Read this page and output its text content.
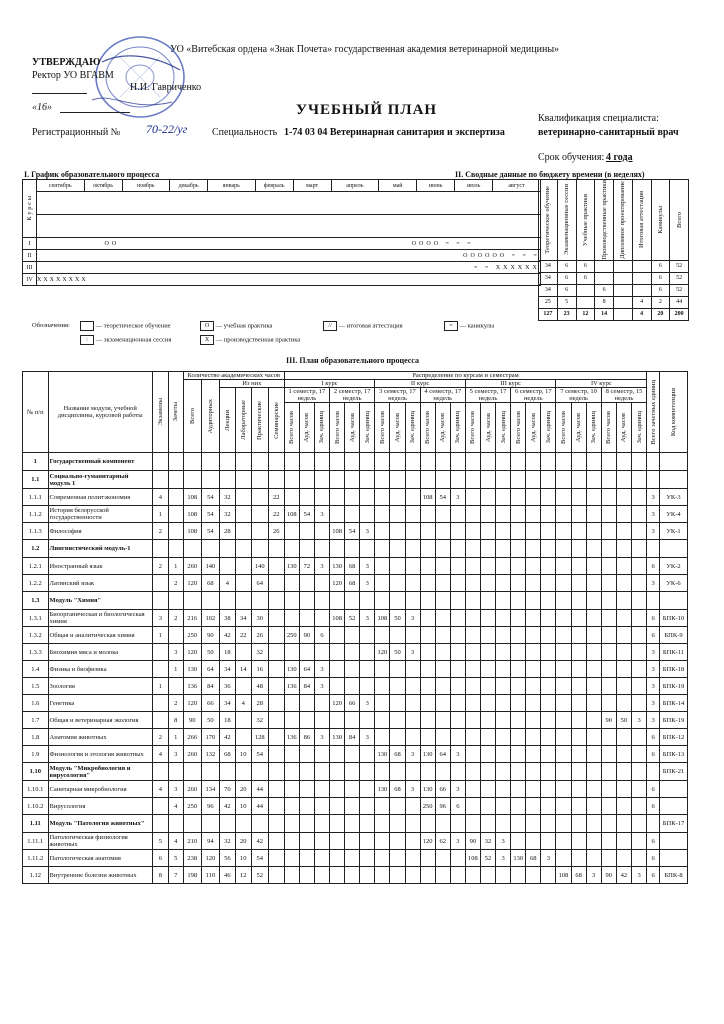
УО «Витебская ордена «Знак Почета» государственная академия ветеринарной медицины»
УТВЕРЖДАЮ
Ректор УО ВГАВМ
Н.И. Гавриченко
«16»	УЧЕБНЫЙ ПЛАН
Регистрационный № 70-22/уг Специальность 1-74 03 04 Ветеринарная санитария и экспертиза
Квалификация специалиста:
ветеринарно-санитарный врач
Срок обучения: 4 года
I. График образовательного процесса	II. Сводные данные по бюджету времени (в неделях)
К у р с ы	сентябрь	октябрь	ноябрь	декабрь	январь	февраль	март	апрель	май	июнь	июль	август

I	ОО                                                                 ОООО = = =											
II	ОООООО = = =											
III	= = XXXXXX											
IV	XXXXXXXX											
Теоретическое обучение	Экзаменационные сессии	Учебные практики	Производственные практики	Дипломное проектирование	Итоговая аттестация	Каникулы	Всего

34	6	6				6	52
34	6	6				6	52
34	6		6			6	52
25	5		8		4	2	44
127	23	12	14		4	20	200
Обозначения:	— теоретическое обучение	О — учебная практика	// — итоговая аттестация	= — каникулы
: — экзаменационная сессия	X — производственная практика
III. План образовательного процесса
№ п/п	Название модуля, учебной дисциплины, курсовой работы	Экзамены	Зачеты	Количество академических часов						Распределение по курсам и семестрам																								Всего зачетных единиц	Код компетенции

				Всего	Аудиторных	Из них				I курс						II курс						III курс						IV курс							

						Лекции	Лабораторные	Практические	Семинарские	1 семестр, 17 недель			2 семестр, 17 недель			3 семестр, 17 недель			4 семестр, 17 недель			5 семестр, 17 недель			6 семестр, 17 недель			7 семестр, 10 недель			8 семестр, 15 недель				

										Всего часов	Ауд. часов	Зач. единиц	Всего часов	Ауд. часов	Зач. единиц	Всего часов	Ауд. часов	Зач. единиц	Всего часов	Ауд. часов	Зач. единиц	Всего часов	Ауд. часов	Зач. единиц	Всего часов	Ауд. часов	Зач. единиц	Всего часов	Ауд. часов	Зач. единиц	Всего часов	Ауд. часов	Зач. единиц		

1	Государственный компонент																																		
1.1	Социально-гуманитарный модуль 1																																		
1.1.1	Современная политэкономия	4		108	54	32			22										108	54	3													3	УК-3
1.1.2	История белорусской государственности	1		108	54	32			22	108	54	3																						3	УК-4
1.1.3	Философия	2		108	54	28			26				108	54	3																			3	УК-1
1.2	Лингвистический модуль-1																																		
1.2.1	Иностранный язык	2	1	260	140			140		130	72	3	130	68	3																			6	УК-2
1.2.2	Латинский язык		2	120	68	4		64					120	68	3																			3	УК-6
1.3	Модуль "Химия"																																		
1.3.1	Биоорганическая и биологическая химия	3	2	216	102	38	34	30					108	52	3	108	50	3																6	БПК-10
1.3.2	Общая и аналитическая химия	1		250	90	42	22	26		250	90	6																						6	БПК-9
1.3.3	Биохимия мяса и молока		3	120	50	18		32								120	50	3																3	БПК-11
1.4	Физика и биофизика		1	130	64	34	14	16		130	64	3																						3	БПК-18
1.5	Зоология	1		136	84	36		48		136	84	3																						3	БПК-19
1.6	Генетика		2	120	66	34	4	28					120	66	3																			3	БПК-14
1.7	Общая и ветеринарная экология		8	90	50	18		32																							90	50	3	3	БПК-19
1.8	Анатомия животных	2	1	266	170	42		128		136	86	3	130	84	3																			6	БПК-12
1.9	Физиология и этология животных	4	3	260	132	68	10	54								130	68	3	130	64	3													6	БПК-13
1.10	Модуль "Микробиология и вирусология"																																		БПК-21
1.10.1	Санитарная микробиология	4	3	260	134	70	20	44								130	68	3	130	66	3													6	
1.10.2	Вирусология		4	250	96	42	10	44											250	96	6													6	
1.11	Модуль "Патология животных"																																		БПК-17
1.11.1	Патологическая физиология животных	5	4	210	94	32	20	42											120	62	3	90	32	3										6	
1.11.2	Патологическая анатомия	6	5	238	120	56	10	54														108	52	3	130	68	3							6	
1.12	Внутренние болезни животных	8	7	198	110	46	12	52																				108	68	3	90	42	3	6	БПК-8
